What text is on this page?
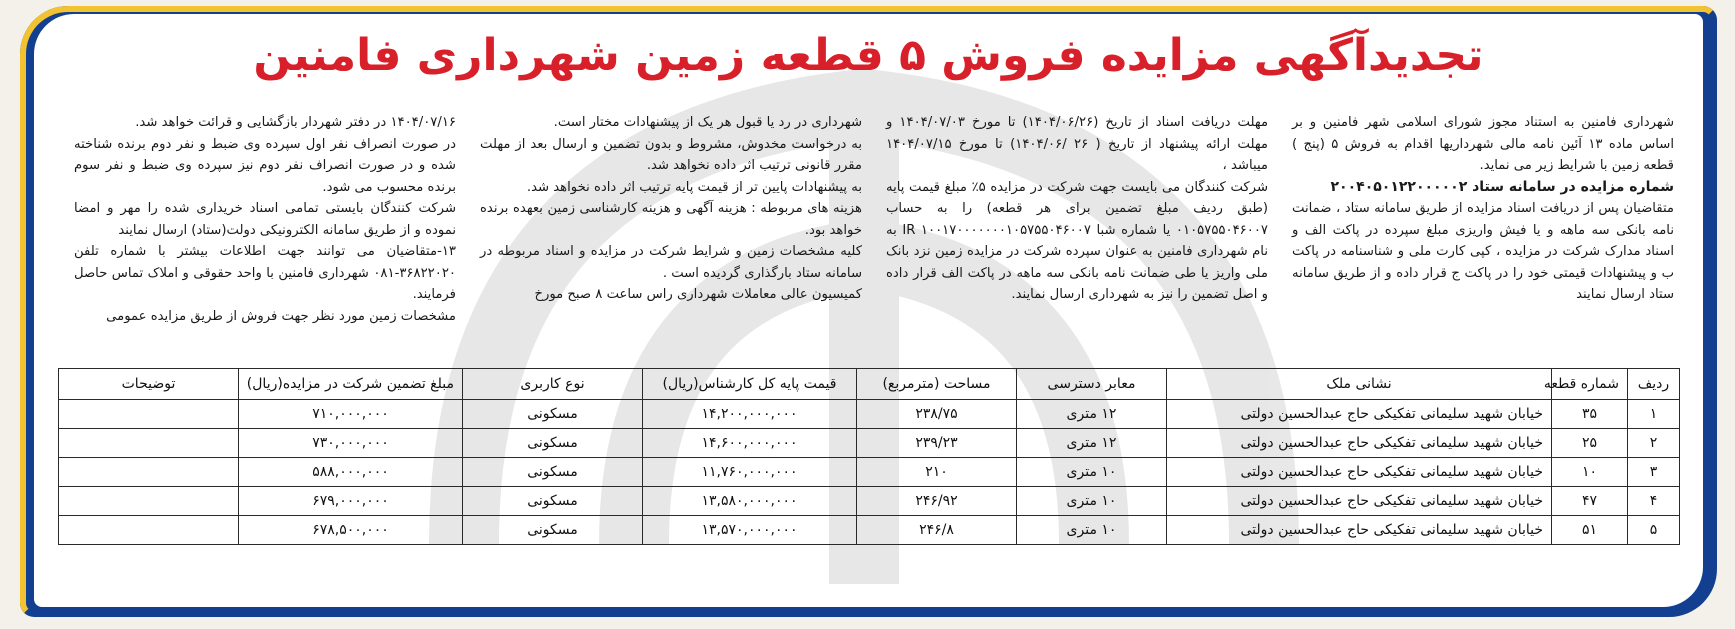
تجدیدآگهی مزایده فروش ۵ قطعه زمین شهرداری فامنین

شهرداری فامنین به استناد مجوز شورای اسلامی شهر فامنین و بر اساس ماده ۱۳ آئین نامه مالی شهرداریها اقدام به فروش ۵ (پنج ) قطعه زمین با شرایط زیر می نماید.

شماره مزایده در سامانه ستاد ۲۰۰۴۰۵۰۱۲۲۰۰۰۰۰۲

متقاضیان پس از دریافت اسناد مزایده از طریق سامانه ستاد ، ضمانت نامه بانکی سه ماهه و یا فیش واریزی مبلغ سپرده در پاکت الف و اسناد مدارک شرکت در مزایده ، کپی کارت ملی و شناسنامه در پاکت ب و پیشنهادات قیمتی خود را در پاکت ج قرار داده و از طریق سامانه ستاد ارسال نمایند

مهلت دریافت اسناد از تاریخ (۱۴۰۴/۰۶/۲۶) تا مورخ ۱۴۰۴/۰۷/۰۳ و مهلت ارائه پیشنهاد از تاریخ ( ۲۶ /۱۴۰۴/۰۶) تا مورخ ۱۴۰۴/۰۷/۱۵ میباشد ،

شرکت کنندگان می بایست جهت شرکت در مزایده ۵٪ مبلغ قیمت پایه (طبق ردیف مبلغ تضمین برای هر قطعه) را به حساب ۰۱۰۵۷۵۵۰۴۶۰۰۷ یا شماره شبا IR ۱۰۰۱۷۰۰۰۰۰۰۰۱۰۵۷۵۵۰۴۶۰۰۷ به نام شهرداری فامنین به عنوان سپرده شرکت در مزایده زمین نزد بانک ملی واریز یا طی ضمانت نامه بانکی سه ماهه در پاکت الف قرار داده و اصل تضمین را نیز به شهرداری ارسال نمایند.

شهرداری در رد یا قبول هر یک از پیشنهادات مختار است.

به درخواست مخدوش، مشروط و بدون تضمین و ارسال بعد از مهلت مقرر قانونی ترتیب اثر داده نخواهد شد.

به پیشنهادات پایین تر از قیمت پایه ترتیب اثر داده نخواهد شد.

هزینه های مربوطه : هزینه آگهی و هزینه کارشناسی زمین بعهده برنده خواهد بود.

کلیه مشخصات زمین و شرایط شرکت در مزایده و اسناد مربوطه در سامانه ستاد بارگذاری گردیده است .

کمیسیون عالی معاملات شهرداری راس ساعت ۸ صبح مورخ

۱۴۰۴/۰۷/۱۶ در دفتر شهردار بازگشایی و قرائت خواهد شد.

در صورت انصراف نفر اول سپرده وی ضبط و نفر دوم برنده شناخته شده و در صورت انصراف نفر دوم نیز سپرده وی ضبط و نفر سوم برنده محسوب می شود.

شرکت کنندگان بایستی تمامی اسناد خریداری شده را مهر و امضا نموده و از طریق سامانه الکترونیکی دولت(ستاد) ارسال نمایند

۱۳-متقاضیان می توانند جهت اطلاعات بیشتر با شماره تلفن ۳۶۸۲۲۰۲۰-۰۸۱ شهرداری فامنین با واحد حقوقی و املاک تماس حاصل فرمایند.

مشخصات زمین مورد نظر جهت فروش از طریق مزایده عمومی

ردیف	شماره قطعه	نشانی ملک	معابر دسترسی	مساحت (مترمربع)	قیمت پایه کل کارشناس(ریال)	نوع کاربری	مبلغ تضمین شرکت در مزایده(ریال)	توضیحات
۱	۳۵	خیابان شهید سلیمانی تفکیکی حاج عبدالحسین دولتی	۱۲ متری	۲۳۸/۷۵	۱۴,۲۰۰,۰۰۰,۰۰۰	مسکونی	۷۱۰,۰۰۰,۰۰۰	
۲	۲۵	خیابان شهید سلیمانی تفکیکی حاج عبدالحسین دولتی	۱۲ متری	۲۳۹/۲۳	۱۴,۶۰۰,۰۰۰,۰۰۰	مسکونی	۷۳۰,۰۰۰,۰۰۰	
۳	۱۰	خیابان شهید سلیمانی تفکیکی حاج عبدالحسین دولتی	۱۰ متری	۲۱۰	۱۱,۷۶۰,۰۰۰,۰۰۰	مسکونی	۵۸۸,۰۰۰,۰۰۰	
۴	۴۷	خیابان شهید سلیمانی تفکیکی حاج عبدالحسین دولتی	۱۰ متری	۲۴۶/۹۲	۱۳,۵۸۰,۰۰۰,۰۰۰	مسکونی	۶۷۹,۰۰۰,۰۰۰	
۵	۵۱	خیابان شهید سلیمانی تفکیکی حاج عبدالحسین دولتی	۱۰ متری	۲۴۶/۸	۱۳,۵۷۰,۰۰۰,۰۰۰	مسکونی	۶۷۸,۵۰۰,۰۰۰	
